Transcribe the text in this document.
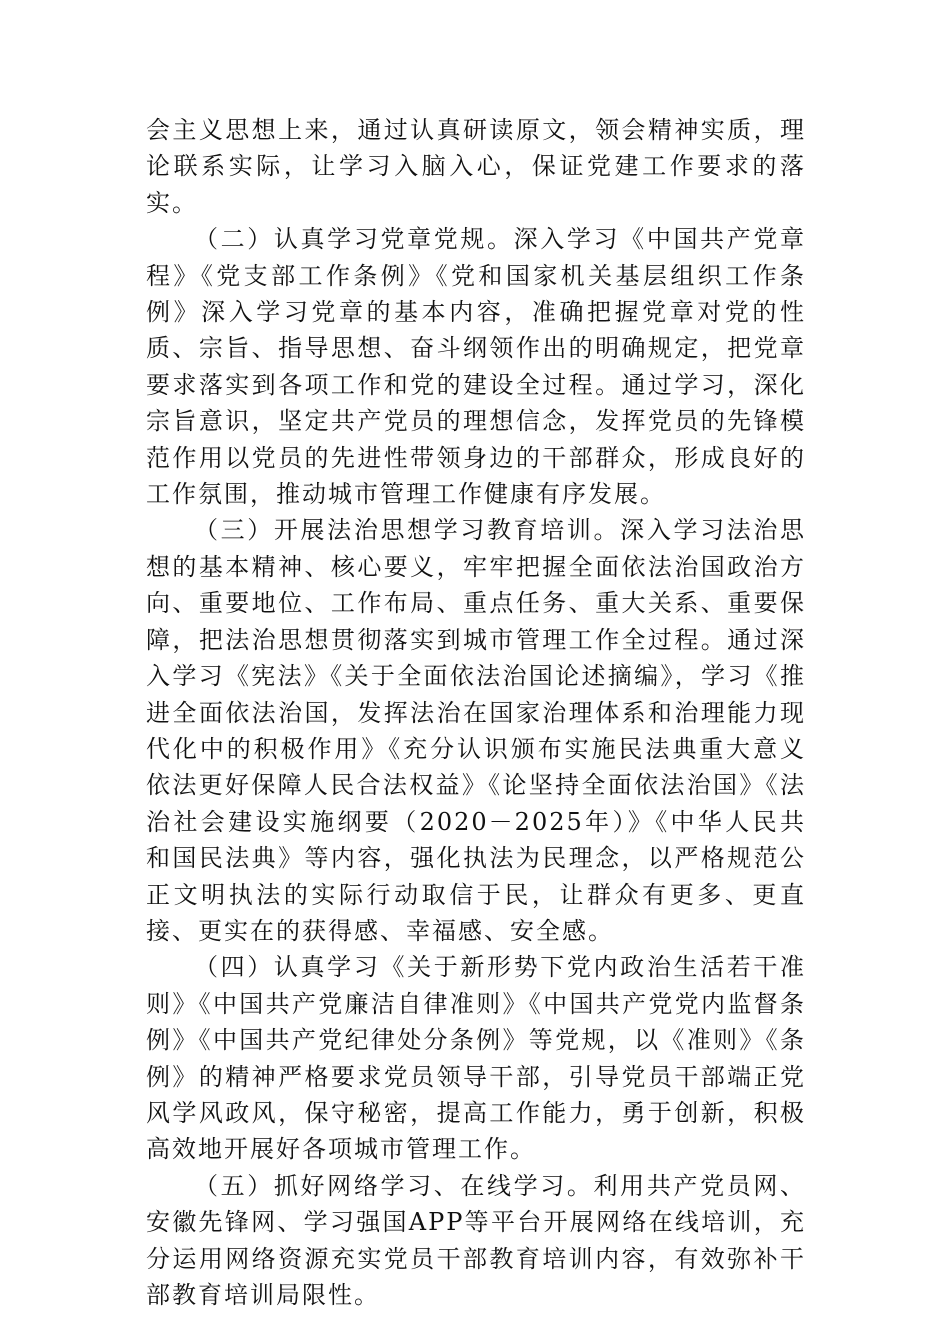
会主义思想上来，通过认真研读原文，领会精神实质，理论联系实际，让学习入脑入心，保证党建工作要求的落实。

（二）认真学习党章党规。深入学习《中国共产党章程》《党支部工作条例》《党和国家机关基层组织工作条例》深入学习党章的基本内容，准确把握党章对党的性质、宗旨、指导思想、奋斗纲领作出的明确规定，把党章要求落实到各项工作和党的建设全过程。通过学习，深化宗旨意识，坚定共产党员的理想信念，发挥党员的先锋模范作用以党员的先进性带领身边的干部群众，形成良好的工作氛围，推动城市管理工作健康有序发展。

（三）开展法治思想学习教育培训。深入学习法治思想的基本精神、核心要义，牢牢把握全面依法治国政治方向、重要地位、工作布局、重点任务、重大关系、重要保障，把法治思想贯彻落实到城市管理工作全过程。通过深入学习《宪法》《关于全面依法治国论述摘编》，学习《推进全面依法治国，发挥法治在国家治理体系和治理能力现代化中的积极作用》《充分认识颁布实施民法典重大意义依法更好保障人民合法权益》《论坚持全面依法治国》《法治社会建设实施纲要（2020－2025年）》《中华人民共和国民法典》等内容，强化执法为民理念，以严格规范公正文明执法的实际行动取信于民，让群众有更多、更直接、更实在的获得感、幸福感、安全感。

（四）认真学习《关于新形势下党内政治生活若干准则》《中国共产党廉洁自律准则》《中国共产党党内监督条例》《中国共产党纪律处分条例》等党规，以《准则》《条例》的精神严格要求党员领导干部，引导党员干部端正党风学风政风，保守秘密，提高工作能力，勇于创新，积极高效地开展好各项城市管理工作。

（五）抓好网络学习、在线学习。利用共产党员网、安徽先锋网、学习强国APP等平台开展网络在线培训，充分运用网络资源充实党员干部教育培训内容，有效弥补干部教育培训局限性。
